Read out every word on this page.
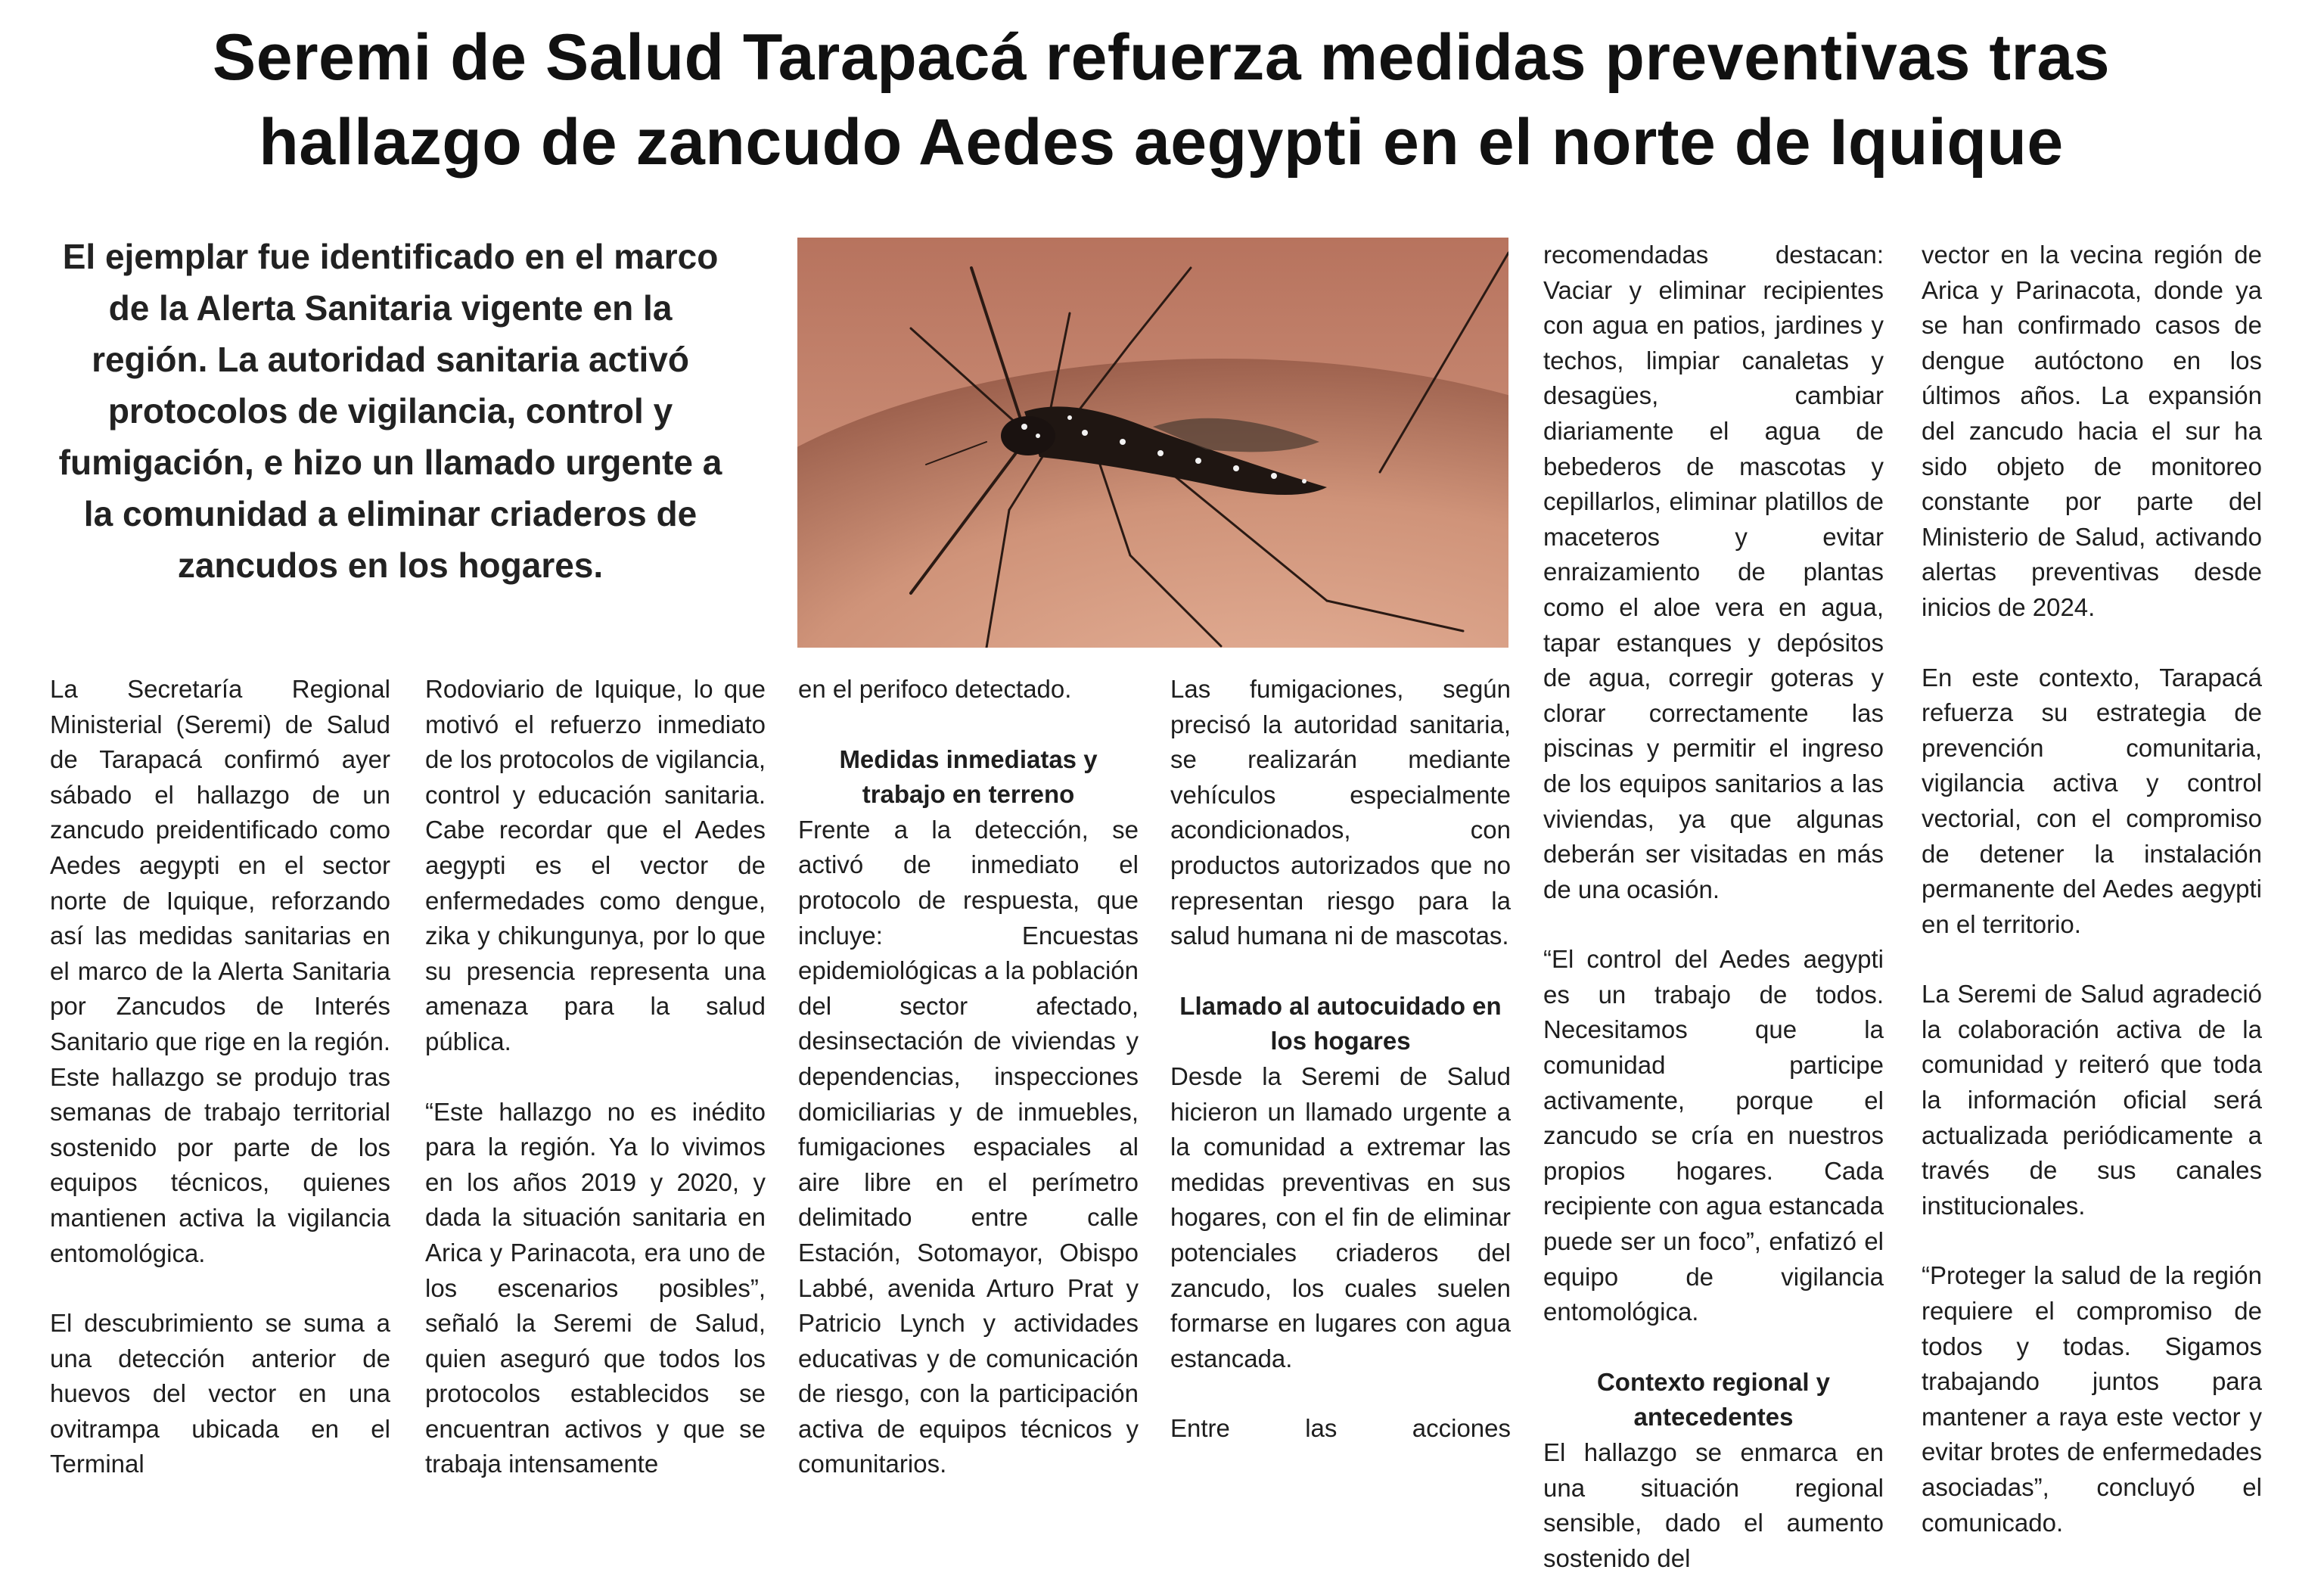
Seremi de Salud Tarapacá refuerza medidas preventivas tras
hallazgo de zancudo Aedes aegypti en el norte de Iquique

El ejemplar fue identificado en el marco de la Alerta Sanitaria vigente en la región. La autoridad sanitaria activó protocolos de vigilancia, control y fumigación, e hizo un llamado urgente a la comunidad a eliminar criaderos de zancudos en los hogares.

La Secretaría Regional Ministerial (Seremi) de Salud de Tarapacá confirmó ayer sábado el hallazgo de un zancudo preidentificado como Aedes aegypti en el sector norte de Iquique, reforzando así las medidas sanitarias en el marco de la Alerta Sanitaria por Zancudos de Interés Sanitario que rige en la región. Este hallazgo se produjo tras semanas de trabajo territorial sostenido por parte de los equipos técnicos, quienes mantienen activa la vigilancia entomológica.

El descubrimiento se suma a una detección anterior de huevos del vector en una ovitrampa ubicada en el Terminal

Rodoviario de Iquique, lo que motivó el refuerzo inmediato de los protocolos de vigilancia, control y educación sanitaria. Cabe recordar que el Aedes aegypti es el vector de enfermedades como dengue, zika y chikungunya, por lo que su presencia representa una amenaza para la salud pública.

“Este hallazgo no es inédito para la región. Ya lo vivimos en los años 2019 y 2020, y dada la situación sanitaria en Arica y Parinacota, era uno de los escenarios posibles”, señaló la Seremi de Salud, quien aseguró que todos los protocolos establecidos se encuentran activos y que se trabaja intensamente

en el perifoco detectado.

Medidas inmediatas y trabajo en terreno

Frente a la detección, se activó de inmediato el protocolo de respuesta, que incluye: Encuestas epidemiológicas a la población del sector afectado, desinsectación de viviendas y dependencias, inspecciones domiciliarias y de inmuebles, fumigaciones espaciales al aire libre en el perímetro delimitado entre calle Estación, Sotomayor, Obispo Labbé, avenida Arturo Prat y Patricio Lynch y actividades educativas y de comunicación de riesgo, con la participación activa de equipos técnicos y comunitarios.

Las fumigaciones, según precisó la autoridad sanitaria, se realizarán mediante vehículos especialmente acondicionados, con productos autorizados que no representan riesgo para la salud humana ni de mascotas.

Llamado al autocuidado en los hogares

Desde la Seremi de Salud hicieron un llamado urgente a la comunidad a extremar las medidas preventivas en sus hogares, con el fin de eliminar potenciales criaderos del zancudo, los cuales suelen formarse en lugares con agua estancada.

Entre las acciones

recomendadas destacan: Vaciar y eliminar recipientes con agua en patios, jardines y techos, limpiar canaletas y desagües, cambiar diariamente el agua de bebederos de mascotas y cepillarlos, eliminar platillos de maceteros y evitar enraizamiento de plantas como el aloe vera en agua, tapar estanques y depósitos de agua, corregir goteras y clorar correctamente las piscinas y permitir el ingreso de los equipos sanitarios a las viviendas, ya que algunas deberán ser visitadas en más de una ocasión.

“El control del Aedes aegypti es un trabajo de todos. Necesitamos que la comunidad participe activamente, porque el zancudo se cría en nuestros propios hogares. Cada recipiente con agua estancada puede ser un foco”, enfatizó el equipo de vigilancia entomológica.

Contexto regional y antecedentes

El hallazgo se enmarca en una situación regional sensible, dado el aumento sostenido del

vector en la vecina región de Arica y Parinacota, donde ya se han confirmado casos de dengue autóctono en los últimos años. La expansión del zancudo hacia el sur ha sido objeto de monitoreo constante por parte del Ministerio de Salud, activando alertas preventivas desde inicios de 2024.

En este contexto, Tarapacá refuerza su estrategia de prevención comunitaria, vigilancia activa y control vectorial, con el compromiso de detener la instalación permanente del Aedes aegypti en el territorio.

La Seremi de Salud agradeció la colaboración activa de la comunidad y reiteró que toda la información oficial será actualizada periódicamente a través de sus canales institucionales.

“Proteger la salud de la región requiere el compromiso de todos y todas. Sigamos trabajando juntos para mantener a raya este vector y evitar brotes de enfermedades asociadas”, concluyó el comunicado.
